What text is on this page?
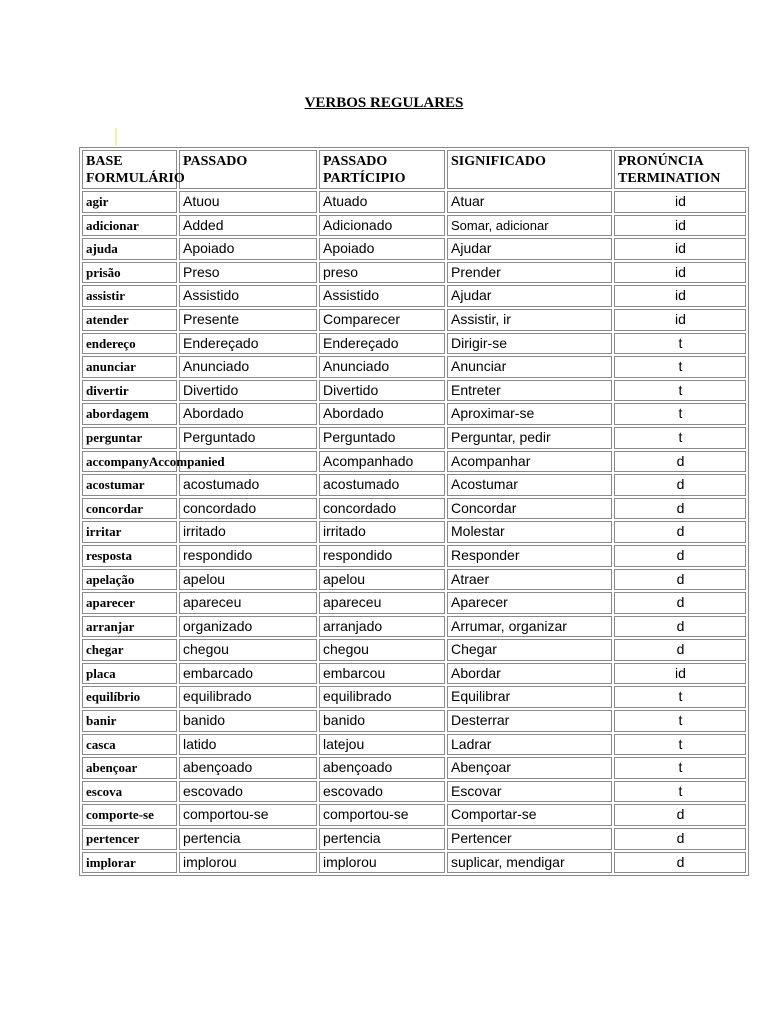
VERBOS REGULARES
BASE FORMULÁRIO	PASSADO	PASSADO PARTÍCIPIO	SIGNIFICADO	PRONÚNCIA TERMINATION
agir	Atuou	Atuado	Atuar	id
adicionar	Added	Adicionado	Somar, adicionar	id
ajuda	Apoiado	Apoiado	Ajudar	id
prisão	Preso	preso	Prender	id
assistir	Assistido	Assistido	Ajudar	id
atender	Presente	Comparecer	Assistir, ir	id
endereço	Endereçado	Endereçado	Dirigir-se	t
anunciar	Anunciado	Anunciado	Anunciar	t
divertir	Divertido	Divertido	Entreter	t
abordagem	Abordado	Abordado	Aproximar-se	t
perguntar	Perguntado	Perguntado	Perguntar, pedir	t
accompanyAccompanied		Acompanhado	Acompanhar	d
acostumar	acostumado	acostumado	Acostumar	d
concordar	concordado	concordado	Concordar	d
irritar	irritado	irritado	Molestar	d
resposta	respondido	respondido	Responder	d
apelação	apelou	apelou	Atraer	d
aparecer	apareceu	apareceu	Aparecer	d
arranjar	organizado	arranjado	Arrumar, organizar	d
chegar	chegou	chegou	Chegar	d
placa	embarcado	embarcou	Abordar	id
equilíbrio	equilibrado	equilibrado	Equilibrar	t
banir	banido	banido	Desterrar	t
casca	latido	latejou	Ladrar	t
abençoar	abençoado	abençoado	Abençoar	t
escova	escovado	escovado	Escovar	t
comporte-se	comportou-se	comportou-se	Comportar-se	d
pertencer	pertencia	pertencia	Pertencer	d
implorar	implorou	implorou	suplicar, mendigar	d
